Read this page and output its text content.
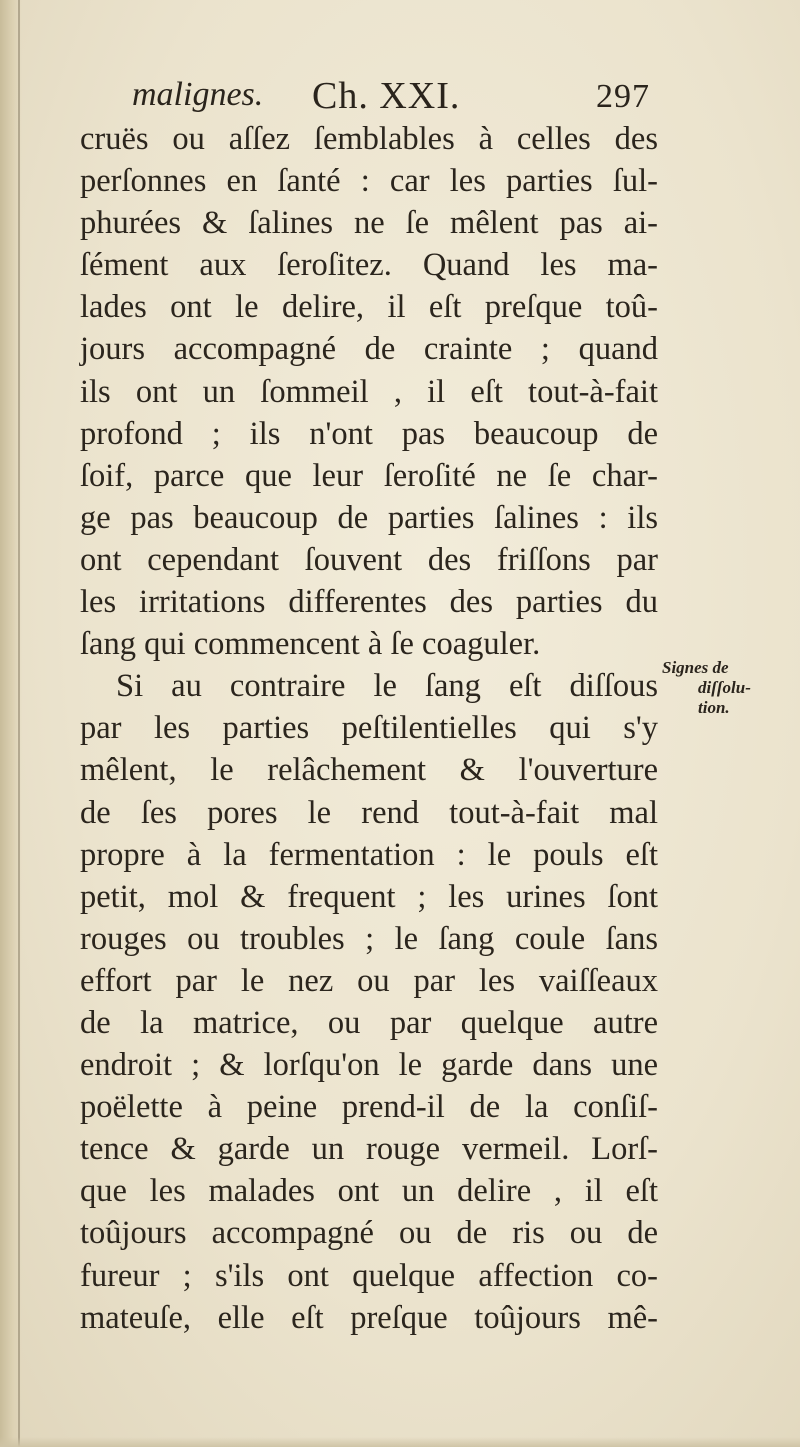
malignes. Ch. XXI.	297
cruës ou aſſez ſemblables à celles des
perſonnes en ſanté : car les parties ſul-
phurées & ſalines ne ſe mêlent pas ai-
ſément aux ſeroſitez. Quand les ma-
lades ont le delire, il eſt preſque toû-
jours accompagné de crainte ; quand
ils ont un ſommeil , il eſt tout-à-fait
profond ; ils n'ont pas beaucoup de
ſoif, parce que leur ſeroſité ne ſe char-
ge pas beaucoup de parties ſalines : ils
ont cependant ſouvent des friſſons par
les irritations differentes des parties du
ſang qui commencent à ſe coaguler.
Si au contraire le ſang eſt diſſous
par les parties peſtilentielles qui s'y
mêlent, le relâchement & l'ouverture
de ſes pores le rend tout-à-fait mal
propre à la fermentation : le pouls eſt
petit, mol & frequent ; les urines ſont
rouges ou troubles ; le ſang coule ſans
effort par le nez ou par les vaiſſeaux
de la matrice, ou par quelque autre
endroit ; & lorſqu'on le garde dans une
poëlette à peine prend-il de la conſiſ-
tence & garde un rouge vermeil. Lorſ-
que les malades ont un delire , il eſt
toûjours accompagné ou de ris ou de
fureur ; s'ils ont quelque affection co-
mateuſe, elle eſt preſque toûjours mê-
Signes de
diſſolu-
tion.
